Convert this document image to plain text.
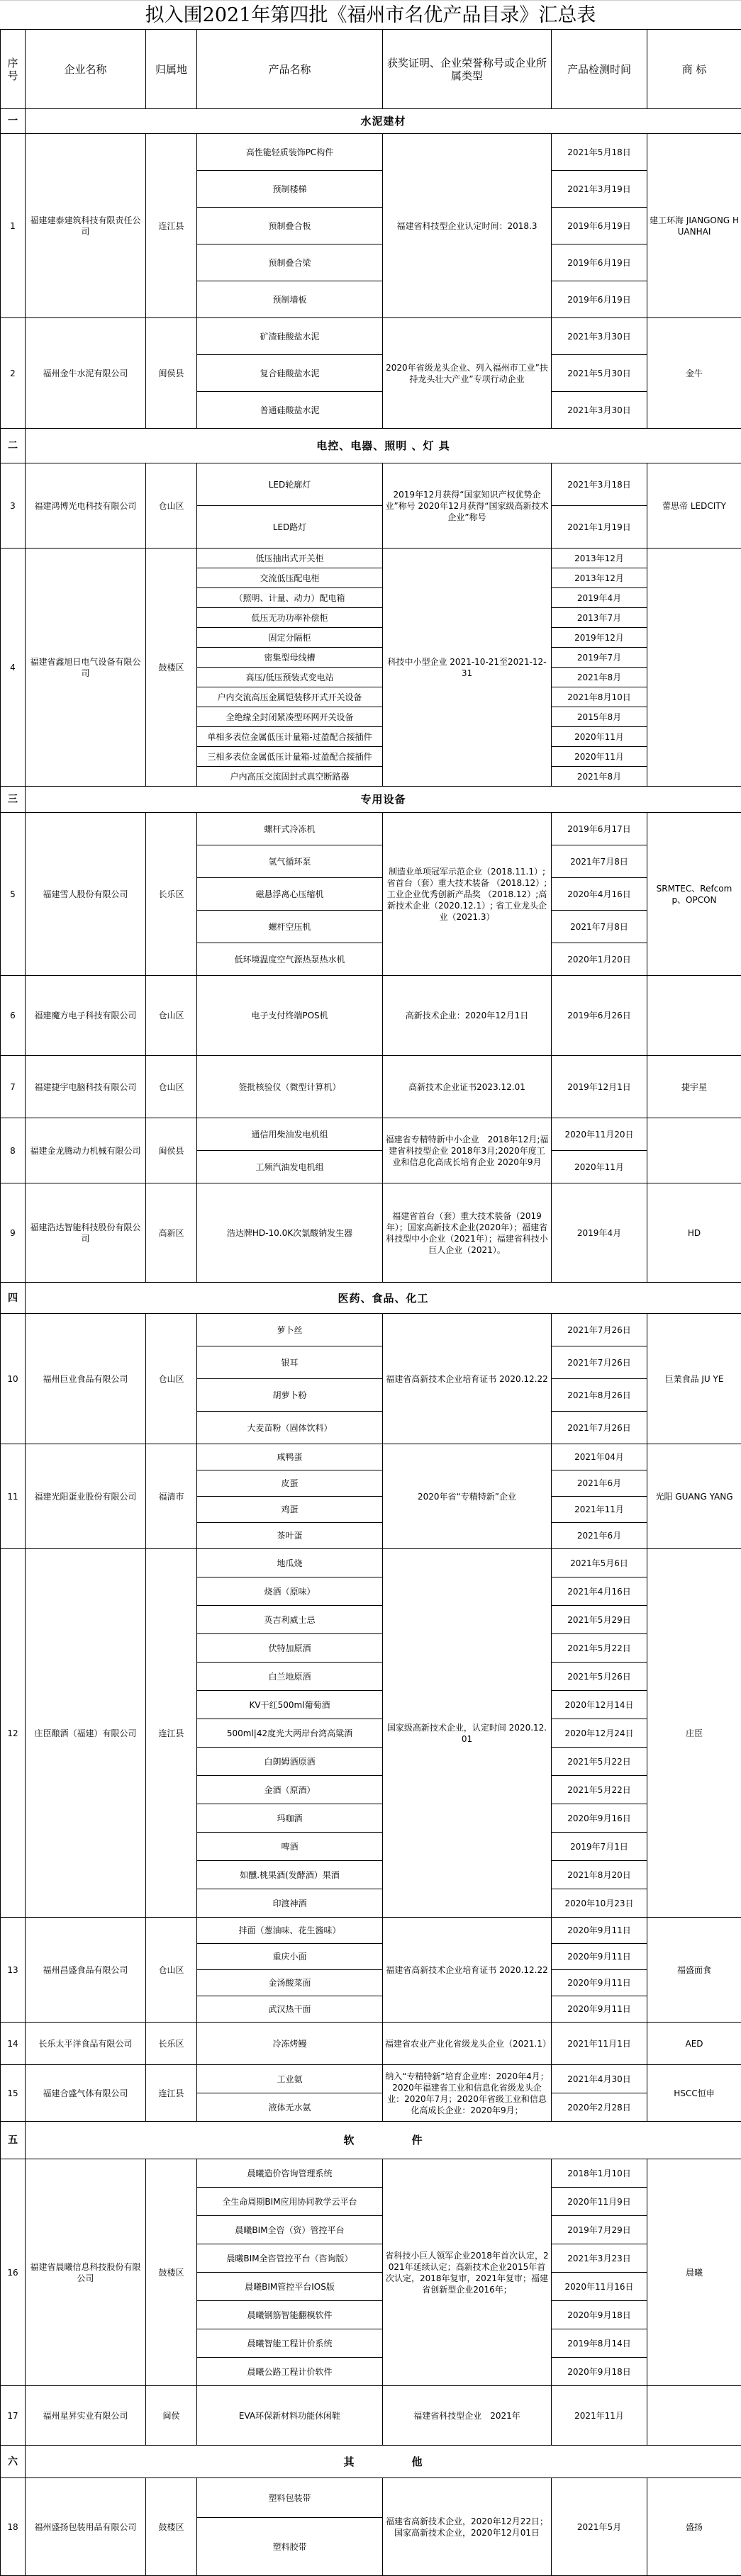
拟入围2021年第四批《福州市名优产品目录》汇总表
序号	企业名称	归属地	产品名称	获奖证明、企业荣誉称号或企业所属类型	产品检测时间	商 标
一	水泥建材					
1	福建建泰建筑科技有限责任公司	连江县	高性能轻质装饰PC构件	福建省科技型企业认定时间：2018.3	2021年5月18日	建工环海 JIANGONG HUANHAI
			预制楼梯		2021年3月19日	
			预制叠合板		2019年6月19日	
			预制叠合梁		2019年6月19日	
			预制墙板		2019年6月19日	
2	福州金牛水泥有限公司	闽侯县	矿渣硅酸盐水泥	2020年省级龙头企业、列入福州市工业”扶持龙头壮大产业”专项行动企业	2021年3月30日	金牛
			复合硅酸盐水泥		2021年5月30日	
			普通硅酸盐水泥		2021年3月30日	
二	电控、电器、照明 、灯 具					
3	福建鸿博光电科技有限公司	仓山区	LED轮廓灯	2019年12月获得“国家知识产权优势企业”称号 2020年12月获得“国家级高新技术企业”称号	2021年3月18日	蕾思帝 LEDCITY
			LED路灯		2021年1月19日	
4	福建省鑫旭日电气设备有限公司	鼓楼区	低压抽出式开关柜	科技中小型企业 2021-10-21至2021-12-31	2013年12月	
			交流低压配电柜		2013年12月	
			（照明、计量、动力）配电箱		2019年4月	
			低压无功功率补偿柜		2013年7月	
			固定分隔柜		2019年12月	
			密集型母线槽		2019年7月	
			高压/低压预装式变电站		2021年8月	
			户内交流高压金属铠装移开式开关设备		2021年8月10日	
			全绝缘全封闭紧凑型环网开关设备		2015年8月	
			单相多表位金属低压计量箱-过盈配合接插件		2020年11月	
			三相多表位金属低压计量箱-过盈配合接插件		2020年11月	
			户内高压交流固封式真空断路器		2021年8月	
三	专用设备					
5	福建雪人股份有限公司	长乐区	螺杆式冷冻机	制造业单项冠军示范企业（2018.11.1）;省首台（套）重大技术装备 （2018.12）;工业企业优秀创新产品奖 （2018.12）;高新技术企业（2020.12.1）; 省工业龙头企业（2021.3）	2019年6月17日	SRMTEC、Refcomp、OPCON
			氢气循环泵		2021年7月8日	
			磁悬浮离心压缩机		2020年4月16日	
			螺杆空压机		2021年7月8日	
			低环境温度空气源热泵热水机		2020年1月20日	
6	福建魔方电子科技有限公司	仓山区	电子支付终端POS机	高新技术企业：2020年12月1日	2019年6月26日	
7	福建捷宇电脑科技有限公司	仓山区	签批核验仪（微型计算机）	高新技术企业证书2023.12.01	2019年12月1日	捷宇星
8	福建金龙腾动力机械有限公司	闽侯县	通信用柴油发电机组	福建省专精特新中小企业　2018年12月;福建省科技型企业 2018年3月;2020年度工业和信息化高成长培育企业 2020年9月	2020年11月20日	
			工频汽油发电机组		2020年11月	
9	福建浩达智能科技股份有限公司	高新区	浩达牌HD-10.0K次氯酸钠发生器	福建省首台（套）重大技术装备（2019年）；国家高新技术企业(2020年）；福建省科技型中小企业（2021年）；福建省科技小巨人企业（2021）。	2019年4月	HD
四	医药、食品、化工					
10	福州巨业食品有限公司	仓山区	萝卜丝	福建省高新技术企业培育证书 2020.12.22	2021年7月26日	巨業食品 JU YE
			银耳		2021年7月26日	
			胡萝卜粉		2021年8月26日	
			大麦苗粉（固体饮料）		2021年7月26日	
11	福建光阳蛋业股份有限公司	福清市	咸鸭蛋	2020年省“专精特新”企业	2021年04月	光阳 GUANG YANG
			皮蛋		2021年6月	
			鸡蛋		2021年11月	
			茶叶蛋		2021年6月	
12	庄臣酿酒（福建）有限公司	连江县	地瓜烧	国家级高新技术企业，认定时间 2020.12.01	2021年5月6日	庄臣
			烧酒（原味）		2021年4月16日	
			英吉利威士忌		2021年5月29日	
			伏特加原酒		2021年5月22日	
			白兰地原酒		2021年5月26日	
			KV干红500ml葡萄酒		2020年12月14日	
			500ml|42度光大两岸台湾高粱酒		2020年12月24日	
			白朗姆酒原酒		2021年5月22日	
			金酒（原酒）		2021年5月22日	
			玛咖酒		2020年9月16日	
			啤酒		2019年7月1日	
			如醺.桃果酒(发酵酒）果酒		2021年8月20日	
			印渡神酒		2020年10月23日	
13	福州昌盛食品有限公司	仓山区	拌面（葱油味、花生酱味）	福建省高新技术企业培育证书 2020.12.22	2020年9月11日	福盛面食
			重庆小面		2020年9月11日	
			金汤酸菜面		2020年9月11日	
			武汉热干面		2020年9月11日	
14	长乐太平洋食品有限公司	长乐区	冷冻烤鳗	福建省农业产业化省级龙头企业（2021.1）	2021年11月1日	AED
15	福建合盛气体有限公司	连江县	工业氨	纳入“专精特新”培育企业库：2020年4月；2020年福建省工业和信息化省级龙头企业：2020年7月；2020年省级工业和信息化高成长企业：2020年9月；	2021年4月30日	HSCC恒申
			液体无水氨		2020年2月28日	
五	软　　　　　件					
16	福建省晨曦信息科技股份有限公司	鼓楼区	晨曦造价咨询管理系统	省科技小巨人领军企业2018年首次认定，2021年延续认定；高新技术企业2015年首次认定，2018年复审，2021年复审；福建省创新型企业2016年；	2018年1月10日	晨曦
			全生命周期BIM应用协同教学云平台		2020年11月9日	
			晨曦BIM全咨（资）管控平台		2019年7月29日	
			晨曦BIM全咨管控平台（咨询版）		2021年3月23日	
			晨曦BIM管控平台IOS版		2020年11月16日	
			晨曦钢筋智能翻模软件		2020年9月18日	
			晨曦智能工程计价系统		2019年8月14日	
			晨曦公路工程计价软件		2020年9月18日	
17	福州星昇实业有限公司	闽侯	EVA环保新材料功能休闲鞋	福建省科技型企业　2021年	2021年11月	
六	其　　　　　他					
18	福州盛扬包装用品有限公司	鼓楼区	塑料包装带	福建省高新技术企业，2020年12月22日；国家高新技术企业，2020年12月01日	2021年5月	盛扬
			塑料胶带			
